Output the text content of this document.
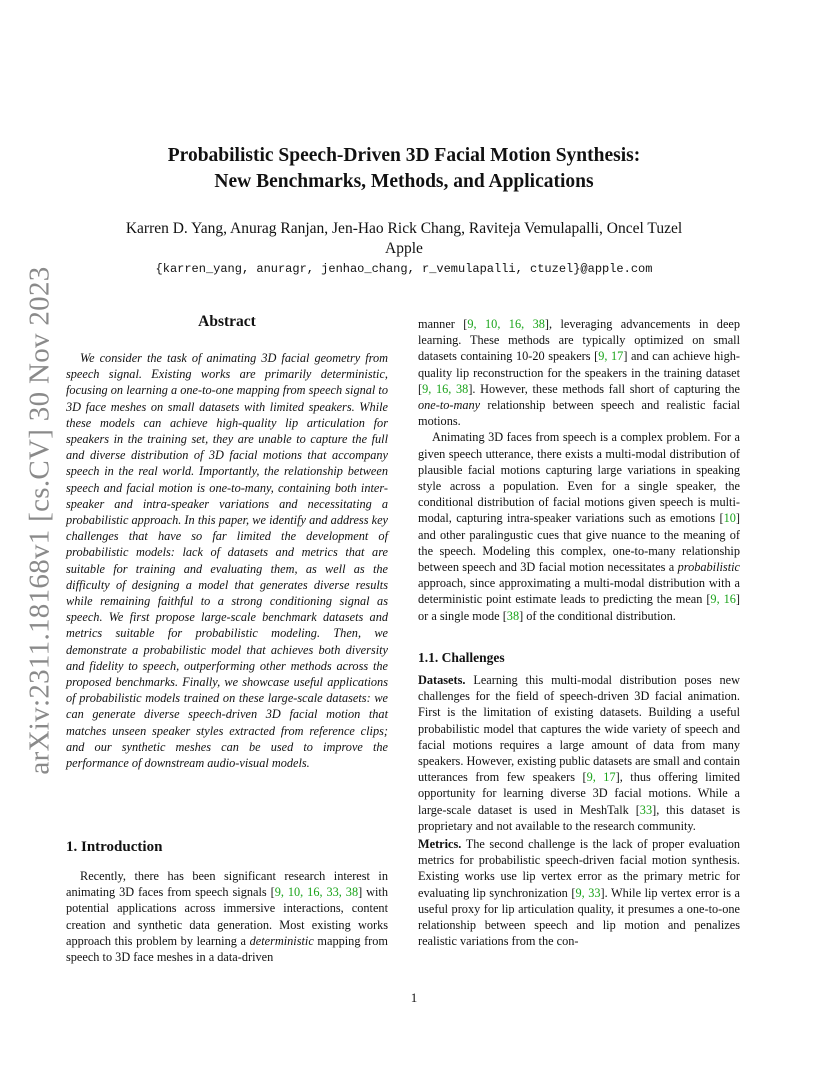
arXiv:2311.18168v1 [cs.CV] 30 Nov 2023
Probabilistic Speech-Driven 3D Facial Motion Synthesis:
New Benchmarks, Methods, and Applications
Karren D. Yang, Anurag Ranjan, Jen-Hao Rick Chang, Raviteja Vemulapalli, Oncel Tuzel
Apple
{karren_yang, anuragr, jenhao_chang, r_vemulapalli, ctuzel}@apple.com
Abstract

We consider the task of animating 3D facial geometry from speech signal. Existing works are primarily deterministic, focusing on learning a one-to-one mapping from speech signal to 3D face meshes on small datasets with limited speakers. While these models can achieve high-quality lip articulation for speakers in the training set, they are unable to capture the full and diverse distribution of 3D facial motions that accompany speech in the real world. Importantly, the relationship between speech and facial motion is one-to-many, containing both inter-speaker and intra-speaker variations and necessitating a probabilistic approach. In this paper, we identify and address key challenges that have so far limited the development of probabilistic models: lack of datasets and metrics that are suitable for training and evaluating them, as well as the difficulty of designing a model that generates diverse results while remaining faithful to a strong conditioning signal as speech. We first propose large-scale benchmark datasets and metrics suitable for probabilistic modeling. Then, we demonstrate a probabilistic model that achieves both diversity and fidelity to speech, outperforming other methods across the proposed benchmarks. Finally, we showcase useful applications of probabilistic models trained on these large-scale datasets: we can generate diverse speech-driven 3D facial motion that matches unseen speaker styles extracted from reference clips; and our synthetic meshes can be used to improve the performance of downstream audio-visual models.

1. Introduction

Recently, there has been significant research interest in animating 3D faces from speech signals [9, 10, 16, 33, 38] with potential applications across immersive interactions, content creation and synthetic data generation. Most existing works approach this problem by learning a deterministic mapping from speech to 3D face meshes in a data-driven

manner [9, 10, 16, 38], leveraging advancements in deep learning. These methods are typically optimized on small datasets containing 10-20 speakers [9, 17] and can achieve high-quality lip reconstruction for the speakers in the training dataset [9, 16, 38]. However, these methods fall short of capturing the one-to-many relationship between speech and realistic facial motions.

Animating 3D faces from speech is a complex problem. For a given speech utterance, there exists a multi-modal distribution of plausible facial motions capturing large variations in speaking style across a population. Even for a single speaker, the conditional distribution of facial motions given speech is multi-modal, capturing intra-speaker variations such as emotions [10] and other paralingustic cues that give nuance to the meaning of the speech. Modeling this complex, one-to-many relationship between speech and 3D facial motion necessitates a probabilistic approach, since approximating a multi-modal distribution with a deterministic point estimate leads to predicting the mean [9, 16] or a single mode [38] of the conditional distribution.

1.1. Challenges

Datasets. Learning this multi-modal distribution poses new challenges for the field of speech-driven 3D facial animation. First is the limitation of existing datasets. Building a useful probabilistic model that captures the wide variety of speech and facial motions requires a large amount of data from many speakers. However, existing public datasets are small and contain utterances from few speakers [9, 17], thus offering limited opportunity for learning diverse 3D facial motions. While a large-scale dataset is used in MeshTalk [33], this dataset is proprietary and not available to the research community.

Metrics. The second challenge is the lack of proper evaluation metrics for probabilistic speech-driven facial motion synthesis. Existing works use lip vertex error as the primary metric for evaluating lip synchronization [9, 33]. While lip vertex error is a useful proxy for lip articulation quality, it presumes a one-to-one relationship between speech and lip motion and penalizes realistic variations from the con-

1
